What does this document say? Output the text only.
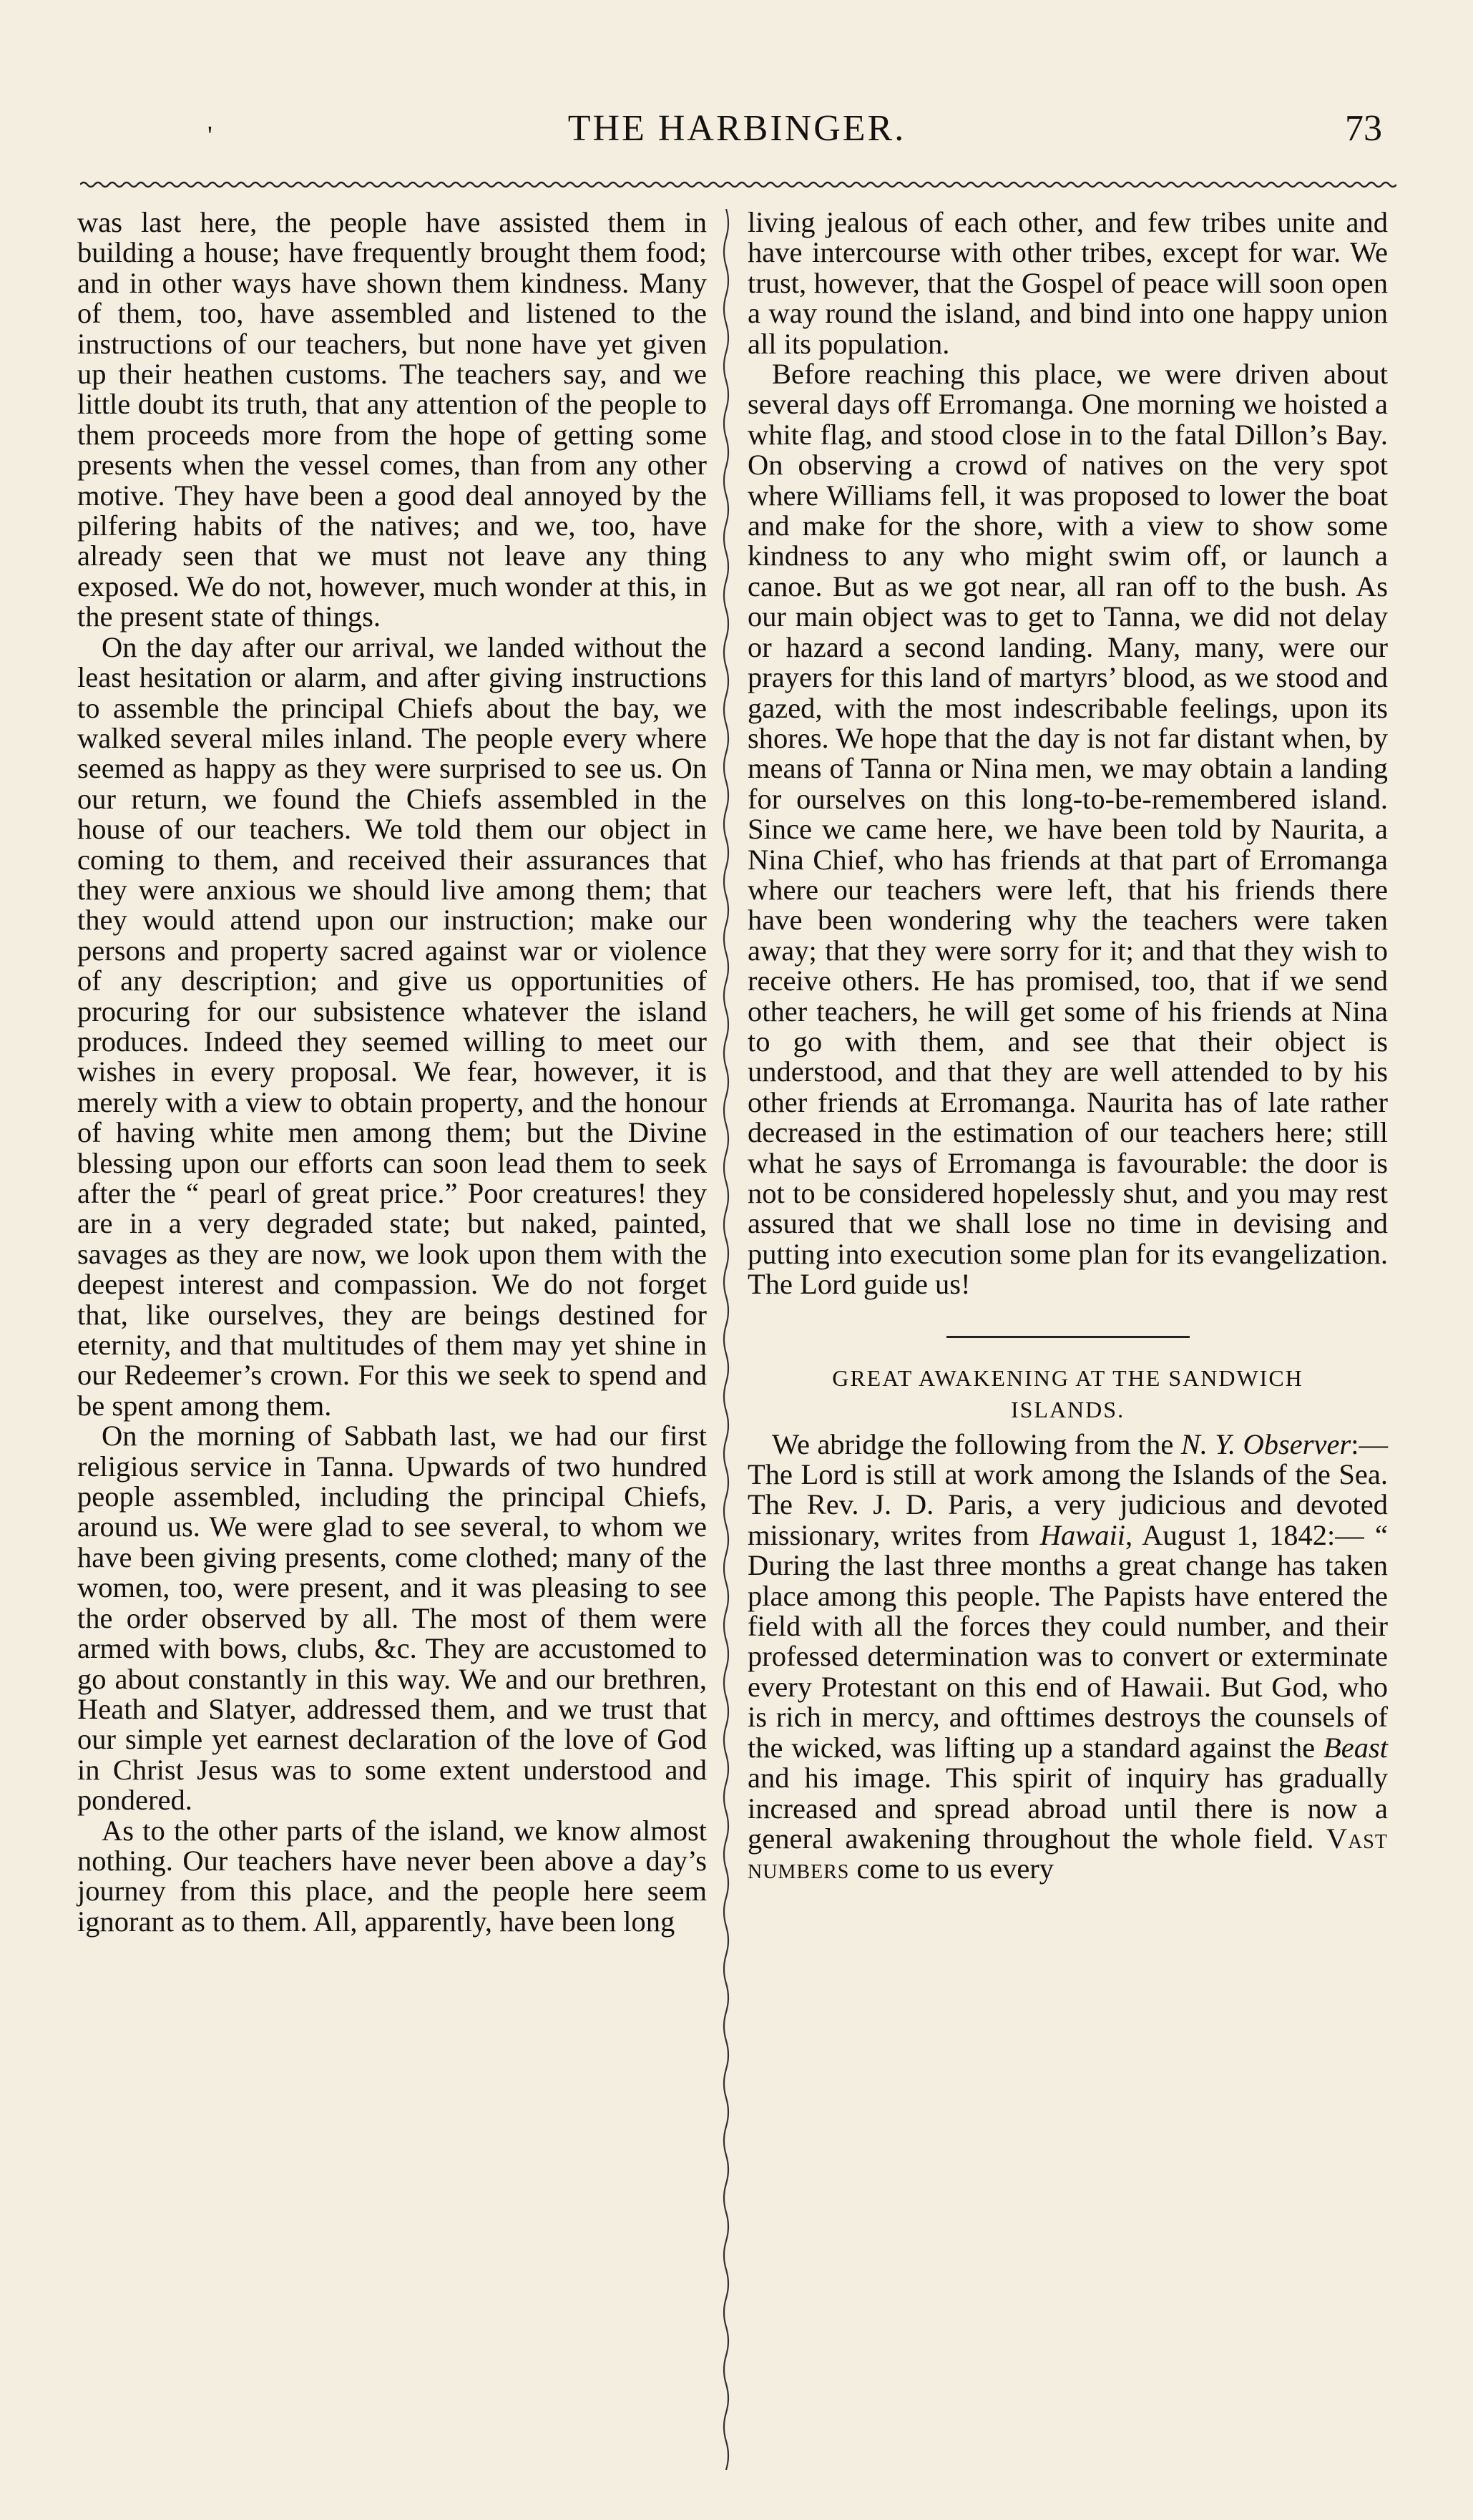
'	THE HARBINGER.	73

was last here, the people have assisted them in building a house; have frequently brought them food; and in other ways have shown them kindness. Many of them, too, have assembled and listened to the instructions of our teachers, but none have yet given up their heathen customs. The teachers say, and we little doubt its truth, that any attention of the people to them proceeds more from the hope of getting some presents when the vessel comes, than from any other motive. They have been a good deal annoyed by the pilfering habits of the natives; and we, too, have already seen that we must not leave any thing exposed. We do not, however, much wonder at this, in the present state of things.

On the day after our arrival, we landed without the least hesitation or alarm, and after giving instructions to assemble the principal Chiefs about the bay, we walked several miles inland. The people every where seemed as happy as they were surprised to see us. On our return, we found the Chiefs assembled in the house of our teachers. We told them our object in coming to them, and received their assurances that they were anxious we should live among them; that they would attend upon our instruction; make our persons and property sacred against war or violence of any description; and give us opportunities of procuring for our subsistence whatever the island produces. Indeed they seemed willing to meet our wishes in every proposal. We fear, however, it is merely with a view to obtain property, and the honour of having white men among them; but the Divine blessing upon our efforts can soon lead them to seek after the “ pearl of great price.” Poor creatures! they are in a very degraded state; but naked, painted, savages as they are now, we look upon them with the deepest interest and compassion. We do not forget that, like ourselves, they are beings destined for eternity, and that multitudes of them may yet shine in our Redeemer’s crown. For this we seek to spend and be spent among them.

On the morning of Sabbath last, we had our first religious service in Tanna. Upwards of two hundred people assembled, including the principal Chiefs, around us. We were glad to see several, to whom we have been giving presents, come clothed; many of the women, too, were present, and it was pleasing to see the order observed by all. The most of them were armed with bows, clubs, &c. They are accustomed to go about constantly in this way. We and our brethren, Heath and Slatyer, addressed them, and we trust that our simple yet earnest declaration of the love of God in Christ Jesus was to some extent understood and pondered.

As to the other parts of the island, we know almost nothing. Our teachers have never been above a day’s journey from this place, and the people here seem ignorant as to them. All, apparently, have been long

living jealous of each other, and few tribes unite and have intercourse with other tribes, except for war. We trust, however, that the Gospel of peace will soon open a way round the island, and bind into one happy union all its population.

Before reaching this place, we were driven about several days off Erromanga. One morning we hoisted a white flag, and stood close in to the fatal Dillon’s Bay. On observing a crowd of natives on the very spot where Williams fell, it was proposed to lower the boat and make for the shore, with a view to show some kindness to any who might swim off, or launch a canoe. But as we got near, all ran off to the bush. As our main object was to get to Tanna, we did not delay or hazard a second landing. Many, many, were our prayers for this land of martyrs’ blood, as we stood and gazed, with the most indescribable feelings, upon its shores. We hope that the day is not far distant when, by means of Tanna or Nina men, we may obtain a landing for ourselves on this long-to-be-remembered island. Since we came here, we have been told by Naurita, a Nina Chief, who has friends at that part of Erromanga where our teachers were left, that his friends there have been wondering why the teachers were taken away; that they were sorry for it; and that they wish to receive others. He has promised, too, that if we send other teachers, he will get some of his friends at Nina to go with them, and see that their object is understood, and that they are well attended to by his other friends at Erromanga. Naurita has of late rather decreased in the estimation of our teachers here; still what he says of Erromanga is favourable: the door is not to be considered hopelessly shut, and you may rest assured that we shall lose no time in devising and putting into execution some plan for its evangelization. The Lord guide us!

GREAT AWAKENING AT THE SANDWICH
ISLANDS.

We abridge the following from the N. Y. Observer:—The Lord is still at work among the Islands of the Sea. The Rev. J. D. Paris, a very judicious and devoted missionary, writes from Hawaii, August 1, 1842:— “ During the last three months a great change has taken place among this people. The Papists have entered the field with all the forces they could number, and their professed determination was to convert or exterminate every Protestant on this end of Hawaii. But God, who is rich in mercy, and ofttimes destroys the counsels of the wicked, was lifting up a standard against the Beast and his image. This spirit of inquiry has gradually increased and spread abroad until there is now a general awakening throughout the whole field. Vast numbers come to us every
